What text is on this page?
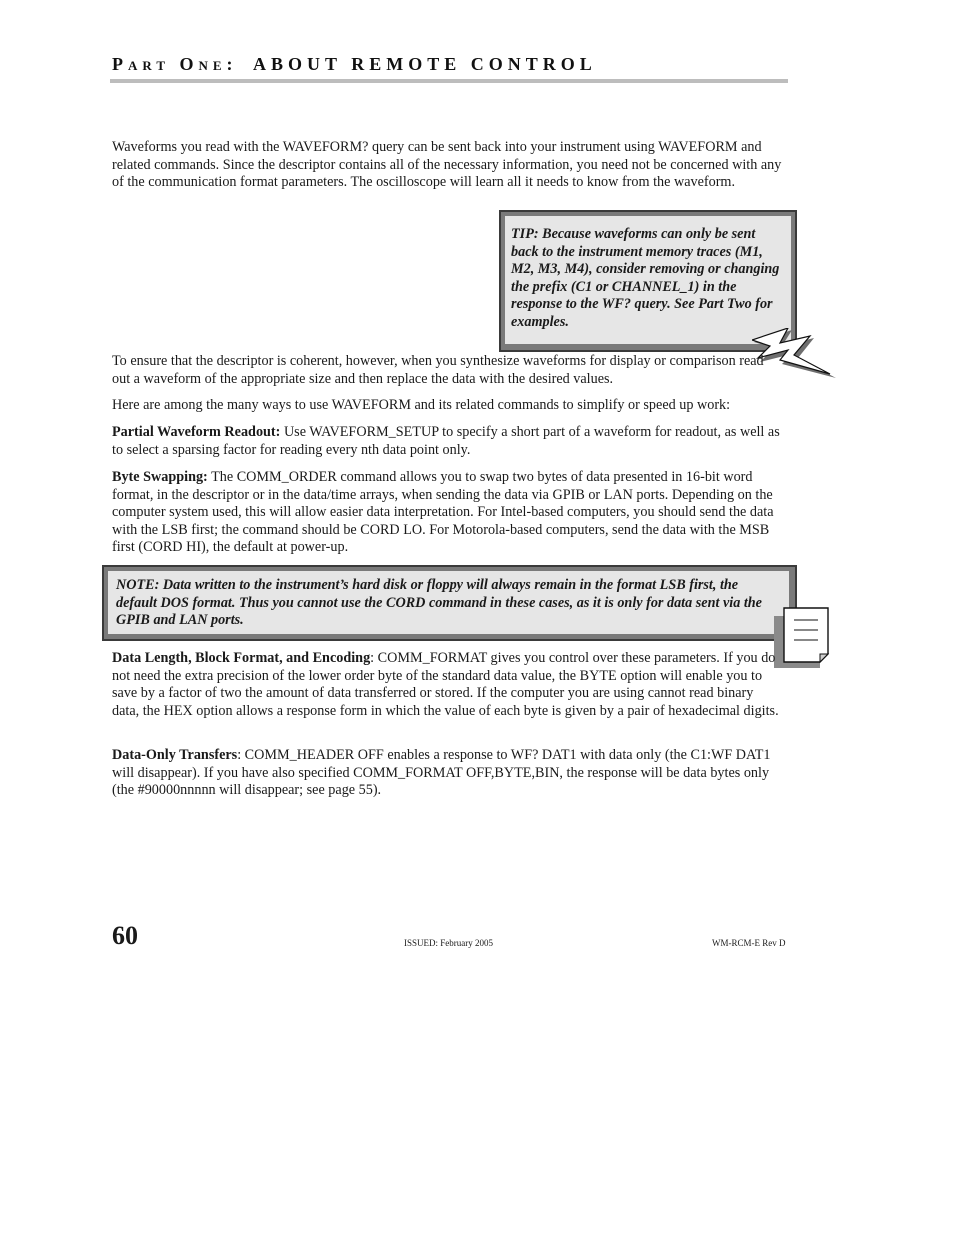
Part One: ABOUT REMOTE CONTROL

Waveforms you read with the WAVEFORM? query can be sent back into your instrument using WAVEFORM and related commands. Since the descriptor contains all of the necessary information, you need not be concerned with any of the communication format parameters. The oscilloscope will learn all it needs to know from the waveform.

TIP: Because waveforms can only be sent back to the instrument memory traces (M1, M2, M3, M4), consider removing or changing the prefix (C1 or CHANNEL_1) in the response to the WF? query. See Part Two for examples.

To ensure that the descriptor is coherent, however, when you synthesize waveforms for display or comparison read out a waveform of the appropriate size and then replace the data with the desired values.

Here are among the many ways to use WAVEFORM and its related commands to simplify or speed up work:

Partial Waveform Readout: Use WAVEFORM_SETUP to specify a short part of a waveform for readout, as well as to select a sparsing factor for reading every nth data point only.

Byte Swapping: The COMM_ORDER command allows you to swap two bytes of data presented in 16-bit word format, in the descriptor or in the data/time arrays, when sending the data via GPIB or LAN ports. Depending on the computer system used, this will allow easier data interpretation. For Intel-based computers, you should send the data with the LSB first; the command should be CORD LO. For Motorola-based computers, send the data with the MSB first (CORD HI), the default at power-up.

NOTE: Data written to the instrument’s hard disk or floppy will always remain in the format LSB first, the default DOS format. Thus you cannot use the CORD command in these cases, as it is only for data sent via the GPIB and LAN ports.

Data Length, Block Format, and Encoding: COMM_FORMAT gives you control over these parameters. If you do not need the extra precision of the lower order byte of the standard data value, the BYTE option will enable you to save by a factor of two the amount of data transferred or stored. If the computer you are using cannot read binary data, the HEX option allows a response form in which the value of each byte is given by a pair of hexadecimal digits.

Data-Only Transfers: COMM_HEADER OFF enables a response to WF? DAT1 with data only (the C1:WF DAT1 will disappear). If you have also specified COMM_FORMAT OFF,BYTE,BIN, the response will be data bytes only (the #90000nnnnn will disappear; see page 55).

60	ISSUED: February 2005	WM-RCM-E Rev D
